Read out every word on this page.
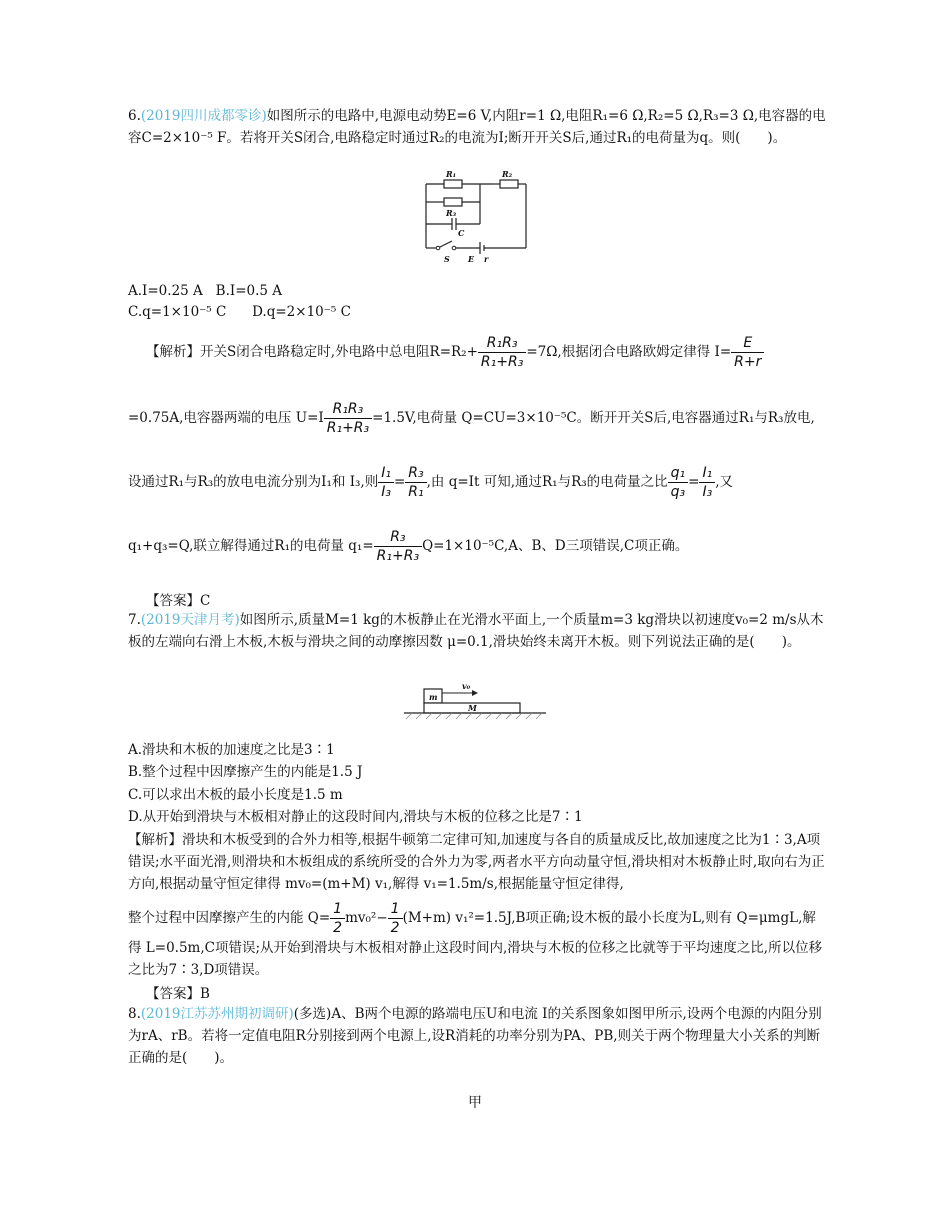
6.(2019四川成都零诊)如图所示的电路中,电源电动势E=6 V,内阻r=1 Ω,电阻R₁=6 Ω,R₂=5 Ω,R₃=3 Ω,电容器的电容C=2×10⁻⁵ F。若将开关S闭合,电路稳定时通过R₂的电流为I;断开开关S后,通过R₁的电荷量为q。则(　　)。
R₁	R₂
R₃
C
S E r
A.I=0.25 A B.I=0.5 A
C.q=1×10⁻⁵ C D.q=2×10⁻⁵ C
【解析】开关S闭合电路稳定时,外电路中总电阻$R=R_2+ \frac{\text{R₁R₃}}{\text{R₁+R₃}} =7\Omega$,根据闭合电路欧姆定律得 $I= \frac{E}{R+r}$
=0.75A,电容器两端的电压 $U=I \frac{\text{R₁R₃}}{\text{R₁+R₃}} =1.5V$,电荷量 Q=CU=3×10⁻⁵C。断开开关S后,电容器通过R₁与R₃放电,
设通过R₁与R₃的放电电流分别为I₁和 I₃,则 $\frac{\text{I₁}}{\text{I₃}} = \frac{\text{R₃}}{\text{R₁}}$ ,由 q=It 可知,通过R₁与R₃的电荷量之比 $\frac{\text{q₁}}{\text{q₃}} = \frac{\text{I₁}}{\text{I₃}}$ ,又
q₁+q₃=Q,联立解得通过R₁的电荷量 $q_1= \frac{\text{R₃}}{\text{R₁+R₃}} Q=1\times 10^{-5}C,A$、B、D三项错误,C项正确。
【答案】C
7.(2019天津月考)如图所示,质量M=1 kg的木板静止在光滑水平面上,一个质量m=3 kg滑块以初速度v₀=2 m/s从木板的左端向右滑上木板,木板与滑块之间的动摩擦因数 μ=0.1,滑块始终未离开木板。则下列说法正确的是(　　)。
m
M
v₀
A.滑块和木板的加速度之比是3∶1
B.整个过程中因摩擦产生的内能是1.5 J
C.可以求出木板的最小长度是1.5 m
D.从开始到滑块与木板相对静止的这段时间内,滑块与木板的位移之比是7∶1
【解析】滑块和木板受到的合外力相等,根据牛顿第二定律可知,加速度与各自的质量成反比,故加速度之比为1∶3,A项错误;水平面光滑,则滑块和木板组成的系统所受的合外力为零,两者水平方向动量守恒,滑块相对木板静止时,取向右为正方向,根据动量守恒定律得 mv₀=(m+M) v₁,解得 v₁=1.5m/s,根据能量守恒定律得,
整个过程中因摩擦产生的内能 $Q= \frac{1}{2} mv_0^2- \frac{1}{2} (M+m)$ v₁²=1.5J,B项正确;设木板的最小长度为L,则有 Q=μmgL,解
得 L=0.5m,C项错误;从开始到滑块与木板相对静止这段时间内,滑块与木板的位移之比就等于平均速度之比,所以位移之比为7∶3,D项错误。
【答案】B
8.(2019江苏苏州期初调研)(多选)A、B两个电源的路端电压U和电流 I的关系图象如图甲所示,设两个电源的内阻分别为rA、rB。若将一定值电阻R分别接到两个电源上,设R消耗的功率分别为PA、PB,则关于两个物理量大小关系的判断正确的是(　　)。
甲
